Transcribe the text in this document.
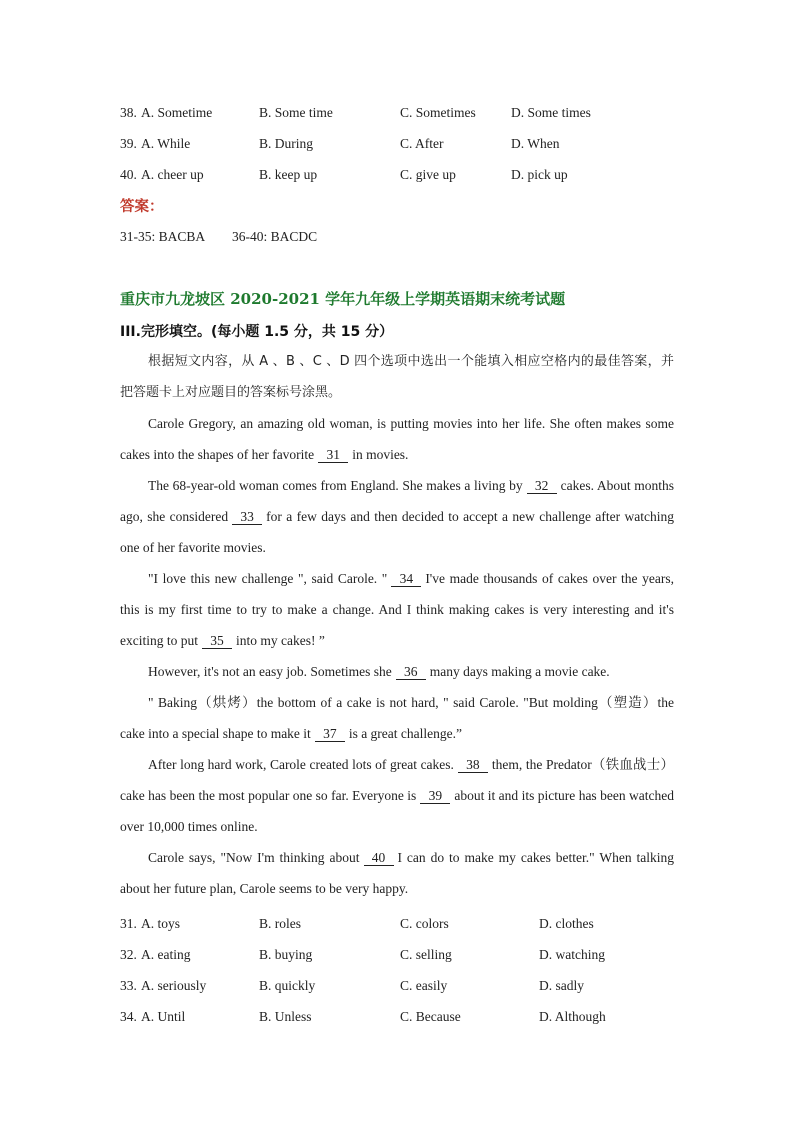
38. A. Sometime	B. Some time	C. Sometimes	D. Some times
39. A. While	B. During	C. After	D. When
40. A. cheer up	B. keep up	C. give up	D. pick up
答案：
31-35: BACBA 36-40: BACDC
重庆市九龙坡区 2020-2021 学年九年级上学期英语期末统考试题
III.完形填空。(每小题 1.5 分，共 15 分）

根据短文内容，从 A 、B 、C 、D 四个选项中选出一个能填入相应空格内的最佳答案，并 把答题卡上对应题目的答案标号涂黑。

Carole Gregory, an amazing old woman, is putting movies into her life. She often makes some cakes into the shapes of her favorite 31 in movies.

The 68-year-old woman comes from England. She makes a living by 32 cakes. About months ago, she considered 33 for a few days and then decided to accept a new challenge after watching one of her favorite movies.

"I love this new challenge ", said Carole. " 34 I've made thousands of cakes over the years, this is my first time to try to make a change. And I think making cakes is very interesting and it's exciting to put 35 into my cakes! ”

However, it's not an easy job. Sometimes she 36 many days making a movie cake.

" Baking（烘烤）the bottom of a cake is not hard, " said Carole. "But molding（塑造）the cake into a special shape to make it 37 is a great challenge.”

After long hard work, Carole created lots of great cakes. 38 them, the Predator（铁血战士）cake has been the most popular one so far. Everyone is 39 about it and its picture has been watched over 10,000 times online.

Carole says, "Now I'm thinking about 40 I can do to make my cakes better." When talking about her future plan, Carole seems to be very happy.

31. A. toys	B. roles	C. colors	D. clothes
32. A. eating	B. buying	C. selling	D. watching
33. A. seriously	B. quickly	C. easily	D. sadly
34. A. Until	B. Unless	C. Because	D. Although
